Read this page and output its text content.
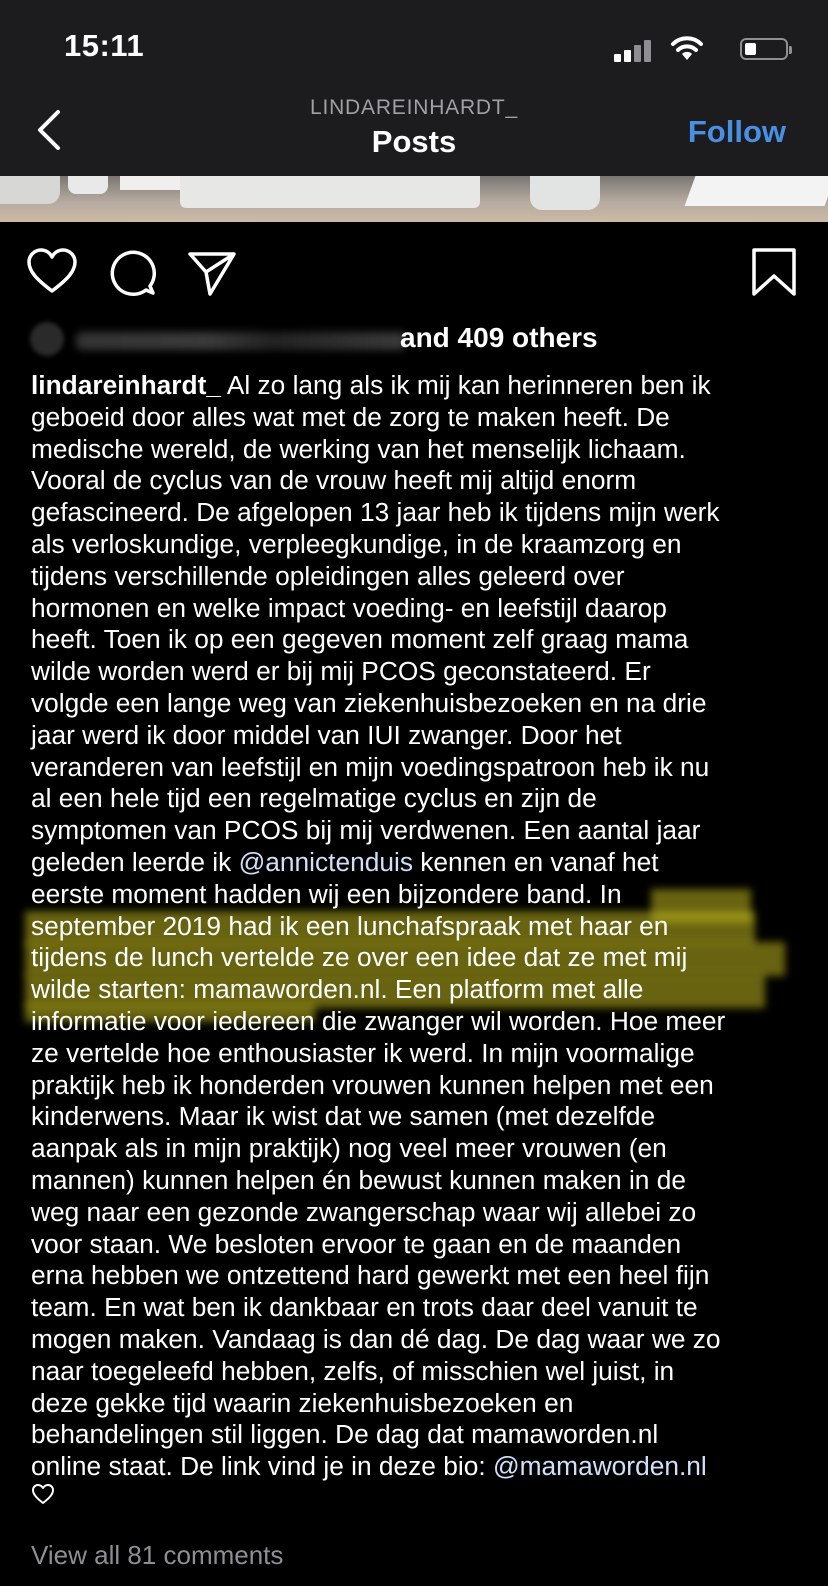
15:11
LINDAREINHARDT_
Posts	Follow
and 409 others
lindareinhardt_ Al zo lang als ik mij kan herinneren ben ik
geboeid door alles wat met de zorg te maken heeft. De
medische wereld, de werking van het menselijk lichaam.
Vooral de cyclus van de vrouw heeft mij altijd enorm
gefascineerd. De afgelopen 13 jaar heb ik tijdens mijn werk
als verloskundige, verpleegkundige, in de kraamzorg en
tijdens verschillende opleidingen alles geleerd over
hormonen en welke impact voeding- en leefstijl daarop
heeft. Toen ik op een gegeven moment zelf graag mama
wilde worden werd er bij mij PCOS geconstateerd. Er
volgde een lange weg van ziekenhuisbezoeken en na drie
jaar werd ik door middel van IUI zwanger. Door het
veranderen van leefstijl en mijn voedingspatroon heb ik nu
al een hele tijd een regelmatige cyclus en zijn de
symptomen van PCOS bij mij verdwenen. Een aantal jaar
geleden leerde ik @annictenduis kennen en vanaf het
eerste moment hadden wij een bijzondere band. In
september 2019 had ik een lunchafspraak met haar en
tijdens de lunch vertelde ze over een idee dat ze met mij
wilde starten: mamaworden.nl. Een platform met alle
informatie voor iedereen die zwanger wil worden. Hoe meer
ze vertelde hoe enthousiaster ik werd. In mijn voormalige
praktijk heb ik honderden vrouwen kunnen helpen met een
kinderwens. Maar ik wist dat we samen (met dezelfde
aanpak als in mijn praktijk) nog veel meer vrouwen (en
mannen) kunnen helpen én bewust kunnen maken in de
weg naar een gezonde zwangerschap waar wij allebei zo
voor staan. We besloten ervoor te gaan en de maanden
erna hebben we ontzettend hard gewerkt met een heel fijn
team. En wat ben ik dankbaar en trots daar deel vanuit te
mogen maken. Vandaag is dan dé dag. De dag waar we zo
naar toegeleefd hebben, zelfs, of misschien wel juist, in
deze gekke tijd waarin ziekenhuisbezoeken en
behandelingen stil liggen. De dag dat mamaworden.nl
online staat. De link vind je in deze bio: @mamaworden.nl
View all 81 comments
